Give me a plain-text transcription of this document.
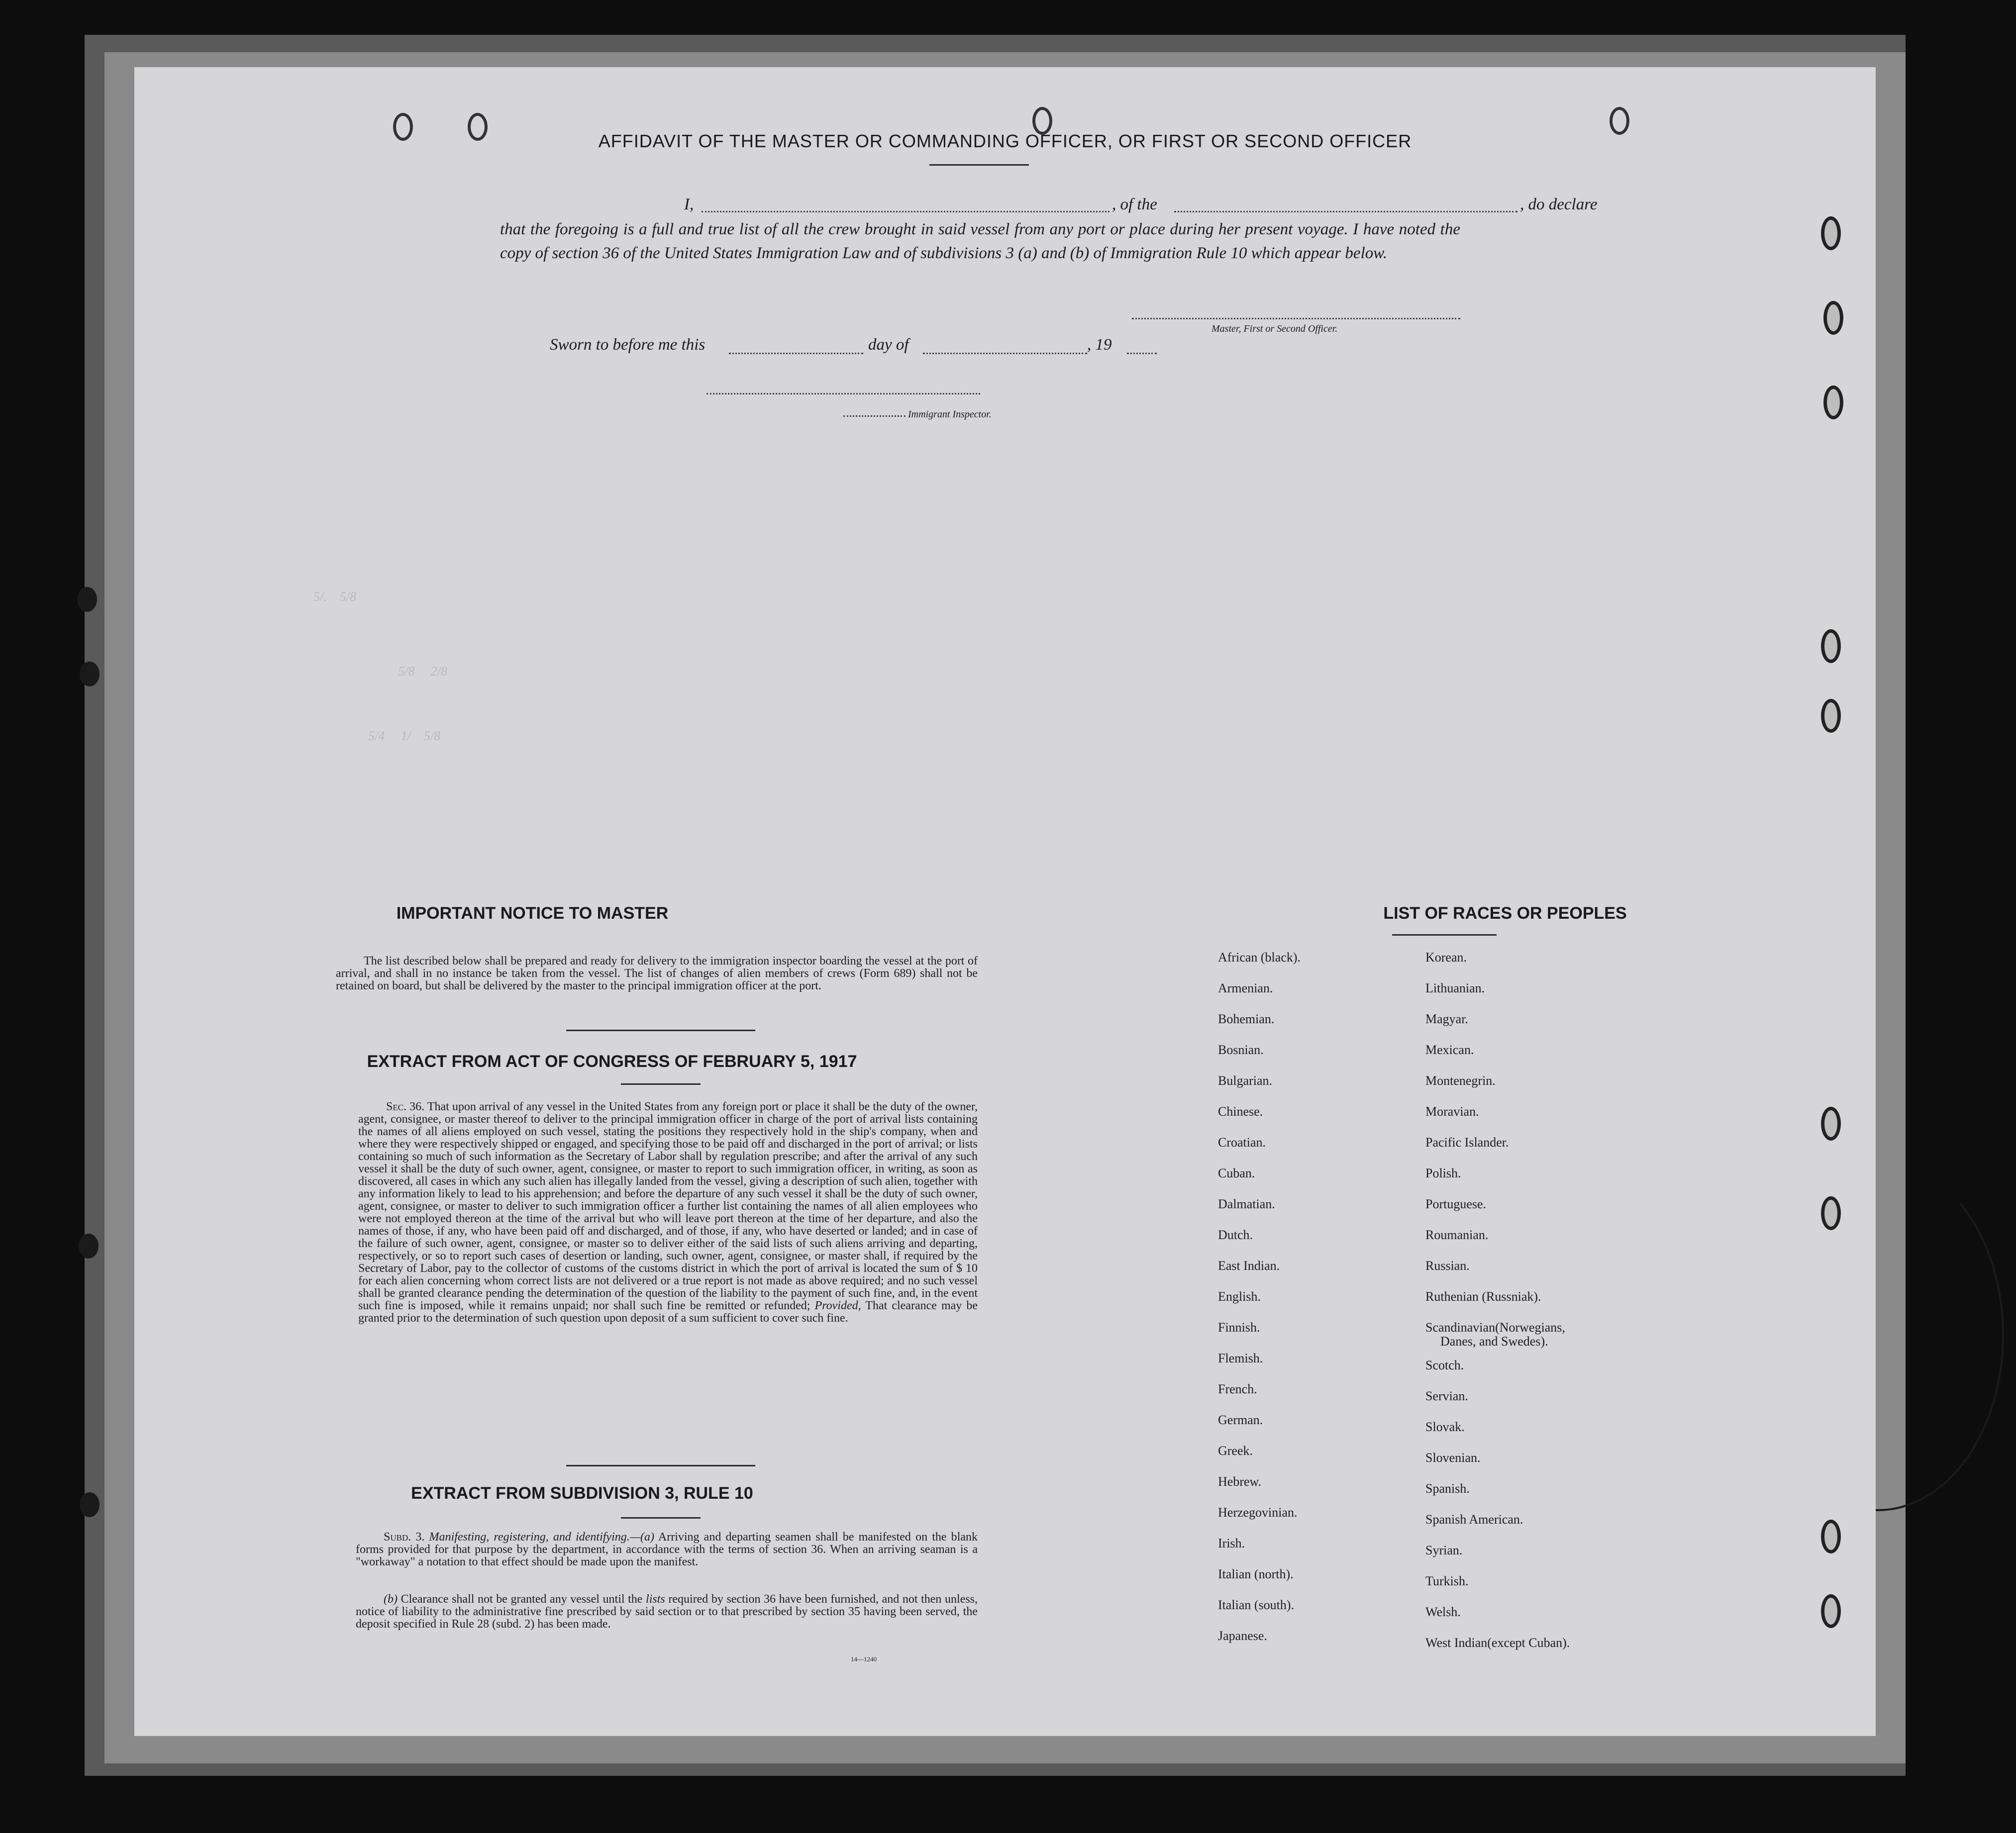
AFFIDAVIT OF THE MASTER OR COMMANDING OFFICER, OR FIRST OR SECOND OFFICER
I,	, of the	, do declare
that the foregoing is a full and true list of all the crew brought in said vessel from any port or place during her present voyage. I have noted the copy of section 36 of the United States Immigration Law and of subdivisions 3 (a) and (b) of Immigration Rule 10 which appear below.
Master, First or Second Officer.
Sworn to before me this	day of	, 19
Immigrant Inspector.
5/.    5/8
5/8     2/8
5/4     1/    5/8
IMPORTANT NOTICE TO MASTER
The list described below shall be prepared and ready for delivery to the immigration inspector boarding the vessel at the port of arrival, and shall in no instance be taken from the vessel. The list of changes of alien members of crews (Form 689) shall not be retained on board, but shall be delivered by the master to the principal immigration officer at the port.
EXTRACT FROM ACT OF CONGRESS OF FEBRUARY 5, 1917
Sec. 36. That upon arrival of any vessel in the United States from any foreign port or place it shall be the duty of the owner, agent, consignee, or master thereof to deliver to the principal immigration officer in charge of the port of arrival lists containing the names of all aliens employed on such vessel, stating the positions they respectively hold in the ship's company, when and where they were respectively shipped or engaged, and specifying those to be paid off and discharged in the port of arrival; or lists containing so much of such information as the Secretary of Labor shall by regulation prescribe; and after the arrival of any such vessel it shall be the duty of such owner, agent, consignee, or master to report to such immigration officer, in writing, as soon as discovered, all cases in which any such alien has illegally landed from the vessel, giving a description of such alien, together with any information likely to lead to his apprehension; and before the departure of any such vessel it shall be the duty of such owner, agent, consignee, or master to deliver to such immigration officer a further list containing the names of all alien employees who were not employed thereon at the time of the arrival but who will leave port thereon at the time of her departure, and also the names of those, if any, who have been paid off and discharged, and of those, if any, who have deserted or landed; and in case of the failure of such owner, agent, consignee, or master so to deliver either of the said lists of such aliens arriving and departing, respectively, or so to report such cases of desertion or landing, such owner, agent, consignee, or master shall, if required by the Secretary of Labor, pay to the collector of customs of the customs district in which the port of arrival is located the sum of $ 10 for each alien concerning whom correct lists are not delivered or a true report is not made as above required; and no such vessel shall be granted clearance pending the determination of the question of the liability to the payment of such fine, and, in the event such fine is imposed, while it remains unpaid; nor shall such fine be remitted or refunded; Provided, That clearance may be granted prior to the determination of such question upon deposit of a sum sufficient to cover such fine.
EXTRACT FROM SUBDIVISION 3, RULE 10
Subd. 3. Manifesting, registering, and identifying.—(a) Arriving and departing seamen shall be manifested on the blank forms provided for that purpose by the department, in accordance with the terms of section 36. When an arriving seaman is a "workaway" a notation to that effect should be made upon the manifest.
(b) Clearance shall not be granted any vessel until the lists required by section 36 have been furnished, and not then unless, notice of liability to the administrative fine prescribed by said section or to that prescribed by section 35 having been served, the deposit specified in Rule 28 (subd. 2) has been made.
14—1240
LIST OF RACES OR PEOPLES
African (black).
Armenian.
Bohemian.
Bosnian.
Bulgarian.
Chinese.
Croatian.
Cuban.
Dalmatian.
Dutch.
East Indian.
English.
Finnish.
Flemish.
French.
German.
Greek.
Hebrew.
Herzegovinian.
Irish.
Italian (north).
Italian (south).
Japanese.
Korean.
Lithuanian.
Magyar.
Mexican.
Montenegrin.
Moravian.
Pacific Islander.
Polish.
Portuguese.
Roumanian.
Russian.
Ruthenian (Russniak).
Scandinavian(Norwegians,
Scotch.
Servian.
Slovak.
Slovenian.
Spanish.
Spanish American.
Syrian.
Turkish.
Welsh.
West Indian(except Cuban).
Danes, and Swedes).
